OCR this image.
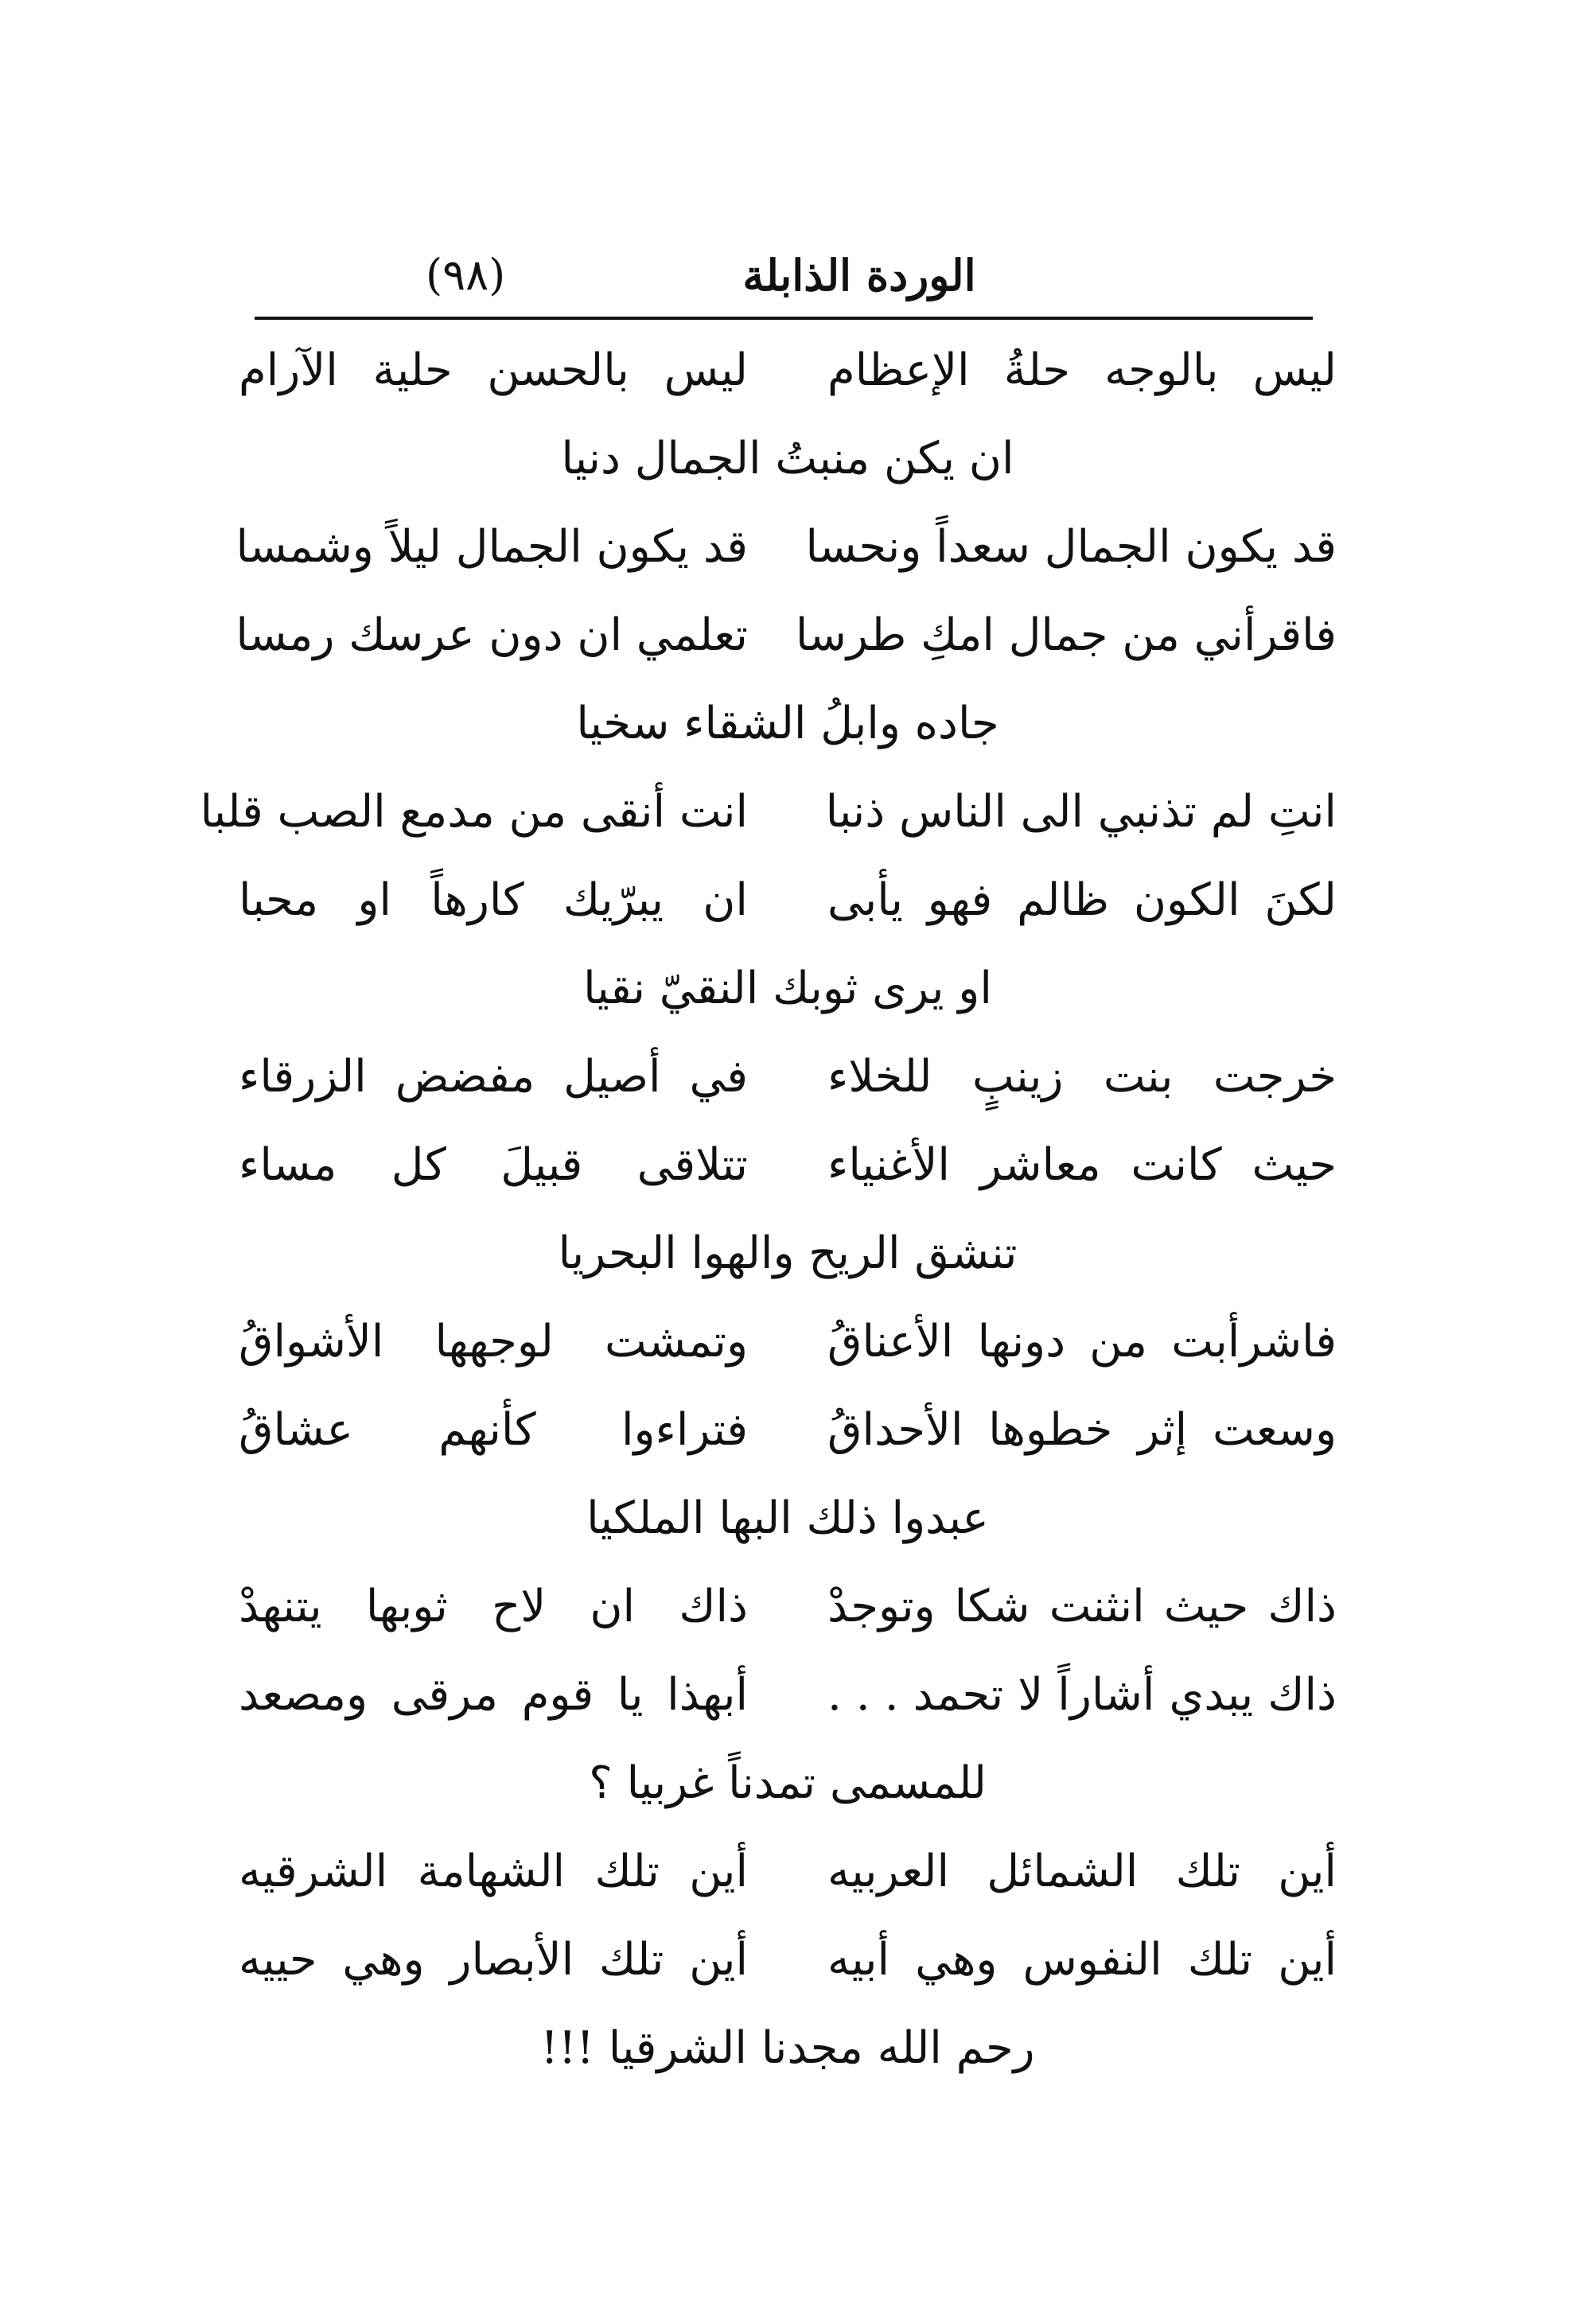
(٩٨)	الوردة الذابلة
ليس بالوجه حلةُ الإعظام
ليس بالحسن حلية الآرام
ان يكن منبتُ الجمال دنيا
قد يكون الجمال سعداً ونحسا
قد يكون الجمال ليلاً وشمسا
فاقرأني من جمال امكِ طرسا
تعلمي ان دون عرسك رمسا
جاده وابلُ الشقاء سخيا
انتِ لم تذنبي الى الناس ذنبا
انت أنقى من مدمع الصب قلبا
لكنَ الكون ظالم فهو يأبى
ان يبرّيك كارهاً او محبا
او يرى ثوبك النقيّ نقيا
خرجت بنت زينبٍ للخلاء
في أصيل مفضض الزرقاء
حيث كانت معاشر الأغنياء
تتلاقى قبيلَ كل مساء
تنشق الريح والهوا البحريا
فاشرأبت من دونها الأعناقُ
وتمشت لوجهها الأشواقُ
وسعت إثر خطوها الأحداقُ
فتراءوا كأنهم عشاقُ
عبدوا ذلك البها الملكيا
ذاك حيث انثنت شكا وتوجدْ
ذاك ان لاح ثوبها يتنهدْ
ذاك يبدي أشاراً لا تحمد . . .
أبهذا يا قوم مرقى ومصعد
للمسمى تمدناً غربيا ؟
أين تلك الشمائل العربيه
أين تلك الشهامة الشرقيه
أين تلك النفوس وهي أبيه
أين تلك الأبصار وهي حييه
رحم الله مجدنا الشرقيا !!!
